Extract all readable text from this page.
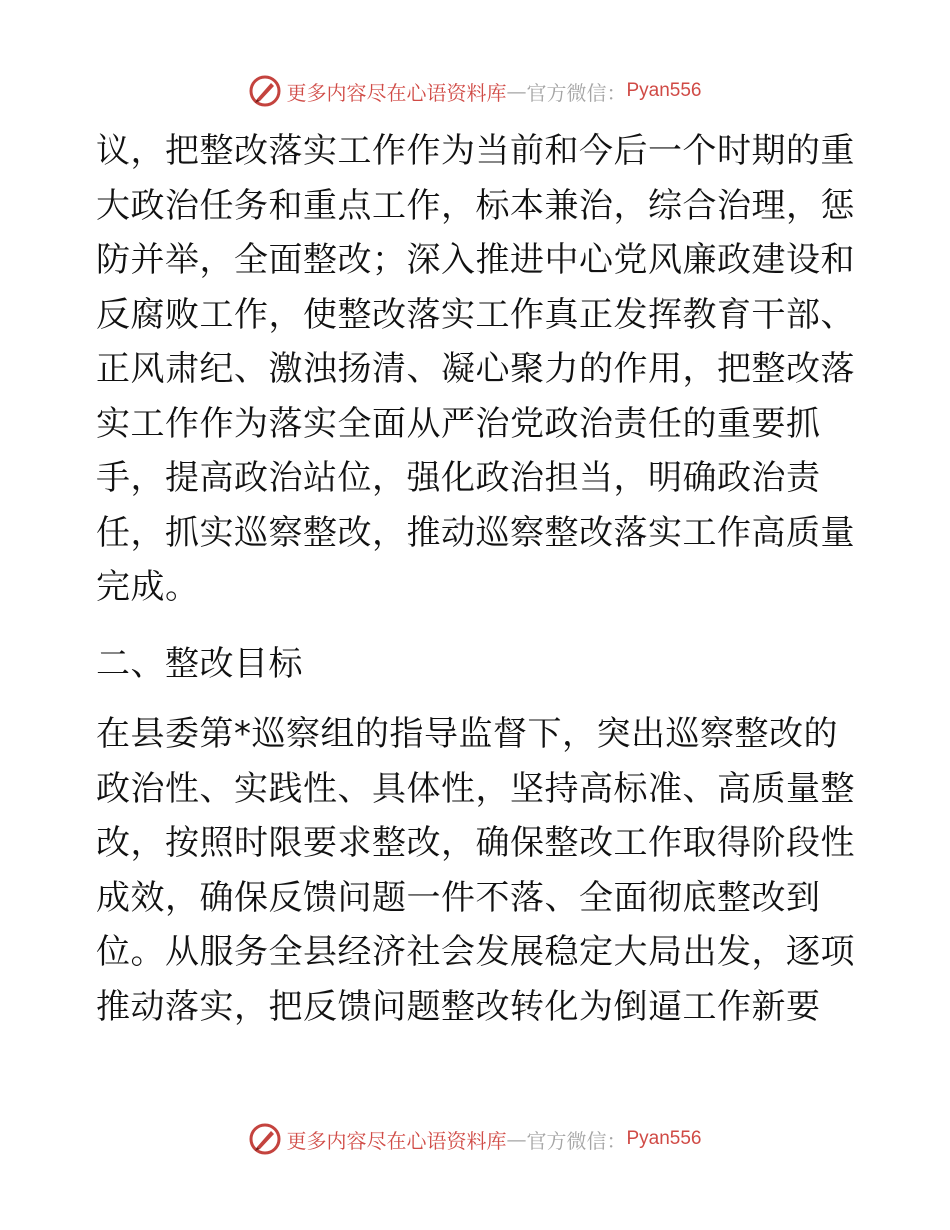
更多内容尽在心语资料库 — 官方微信： Pyan556
议，把整改落实工作作为当前和今后一个时期的重
大政治任务和重点工作，标本兼治，综合治理，惩
防并举，全面整改；深入推进中心党风廉政建设和
反腐败工作，使整改落实工作真正发挥教育干部、
正风肃纪、激浊扬清、凝心聚力的作用，把整改落
实工作作为落实全面从严治党政治责任的重要抓
手，提高政治站位，强化政治担当，明确政治责
任，抓实巡察整改，推动巡察整改落实工作高质量
完成。
二、整改目标
在县委第*巡察组的指导监督下，突出巡察整改的
政治性、实践性、具体性，坚持高标准、高质量整
改，按照时限要求整改，确保整改工作取得阶段性
成效，确保反馈问题一件不落、全面彻底整改到
位。从服务全县经济社会发展稳定大局出发，逐项
推动落实，把反馈问题整改转化为倒逼工作新要
更多内容尽在心语资料库 — 官方微信： Pyan556
